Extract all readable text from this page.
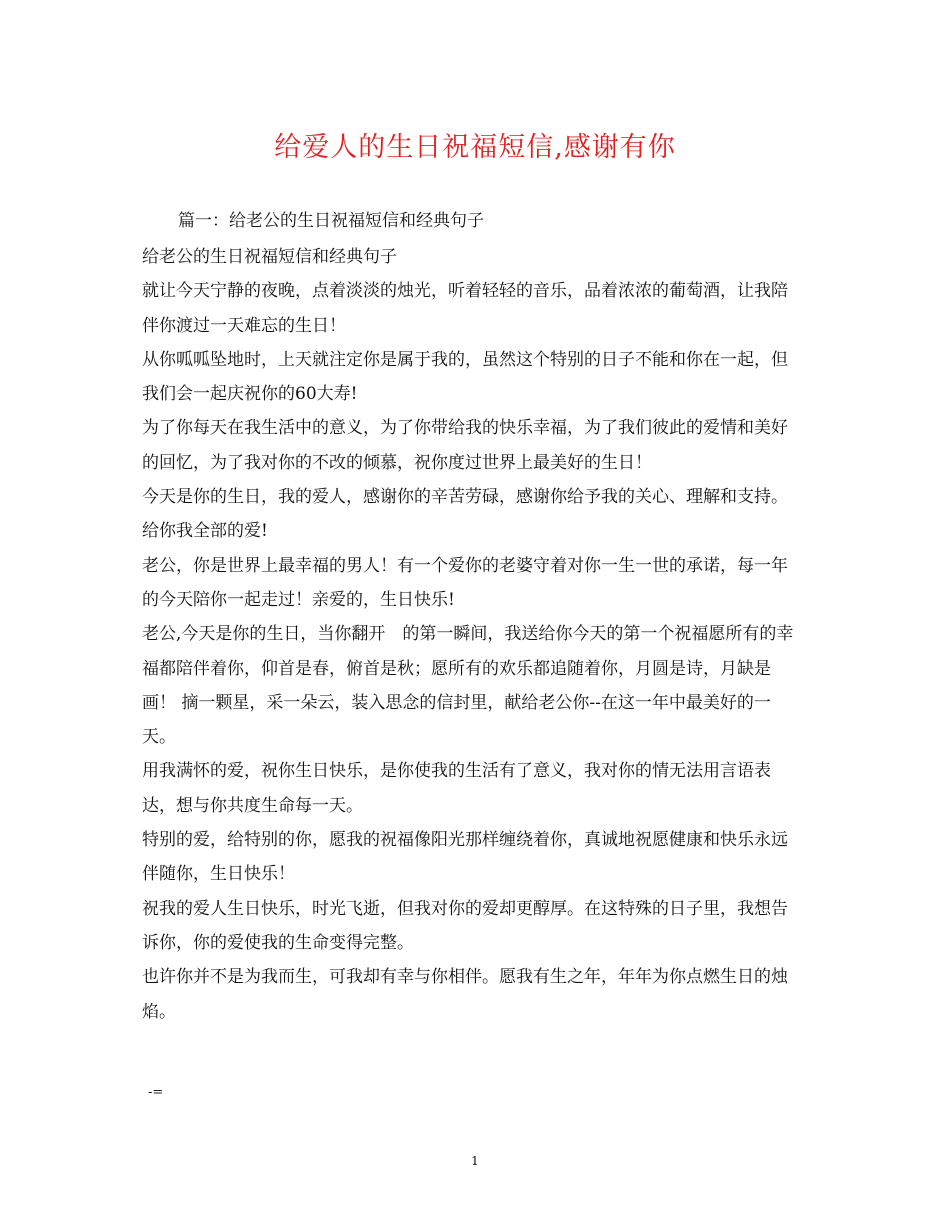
给爱人的生日祝福短信,感谢有你
篇一：给老公的生日祝福短信和经典句子

给老公的生日祝福短信和经典句子

就让今天宁静的夜晚，点着淡淡的烛光，听着轻轻的音乐，品着浓浓的葡萄酒，让我陪伴你渡过一天难忘的生日！

从你呱呱坠地时，上天就注定你是属于我的，虽然这个特别的日子不能和你在一起，但我们会一起庆祝你的60大寿!

为了你每天在我生活中的意义，为了你带给我的快乐幸福，为了我们彼此的爱情和美好的回忆，为了我对你的不改的倾慕，祝你度过世界上最美好的生日！

今天是你的生日，我的爱人，感谢你的辛苦劳碌，感谢你给予我的关心、理解和支持。给你我全部的爱!

老公，你是世界上最幸福的男人！有一个爱你的老婆守着对你一生一世的承诺，每一年的今天陪你一起走过！亲爱的，生日快乐!

老公,今天是你的生日，当你翻开　的第一瞬间，我送给你今天的第一个祝福愿所有的幸福都陪伴着你，仰首是春，俯首是秋；愿所有的欢乐都追随着你，月圆是诗，月缺是画！ 摘一颗星，采一朵云，装入思念的信封里，献给老公你--在这一年中最美好的一天。

用我满怀的爱，祝你生日快乐，是你使我的生活有了意义，我对你的情无法用言语表达，想与你共度生命每一天。

特别的爱，给特别的你，愿我的祝福像阳光那样缠绕着你，真诚地祝愿健康和快乐永远伴随你，生日快乐！

祝我的爱人生日快乐，时光飞逝，但我对你的爱却更醇厚。在这特殊的日子里，我想告诉你，你的爱使我的生命变得完整。

也许你并不是为我而生，可我却有幸与你相伴。愿我有生之年，年年为你点燃生日的烛焰。

-=
1
